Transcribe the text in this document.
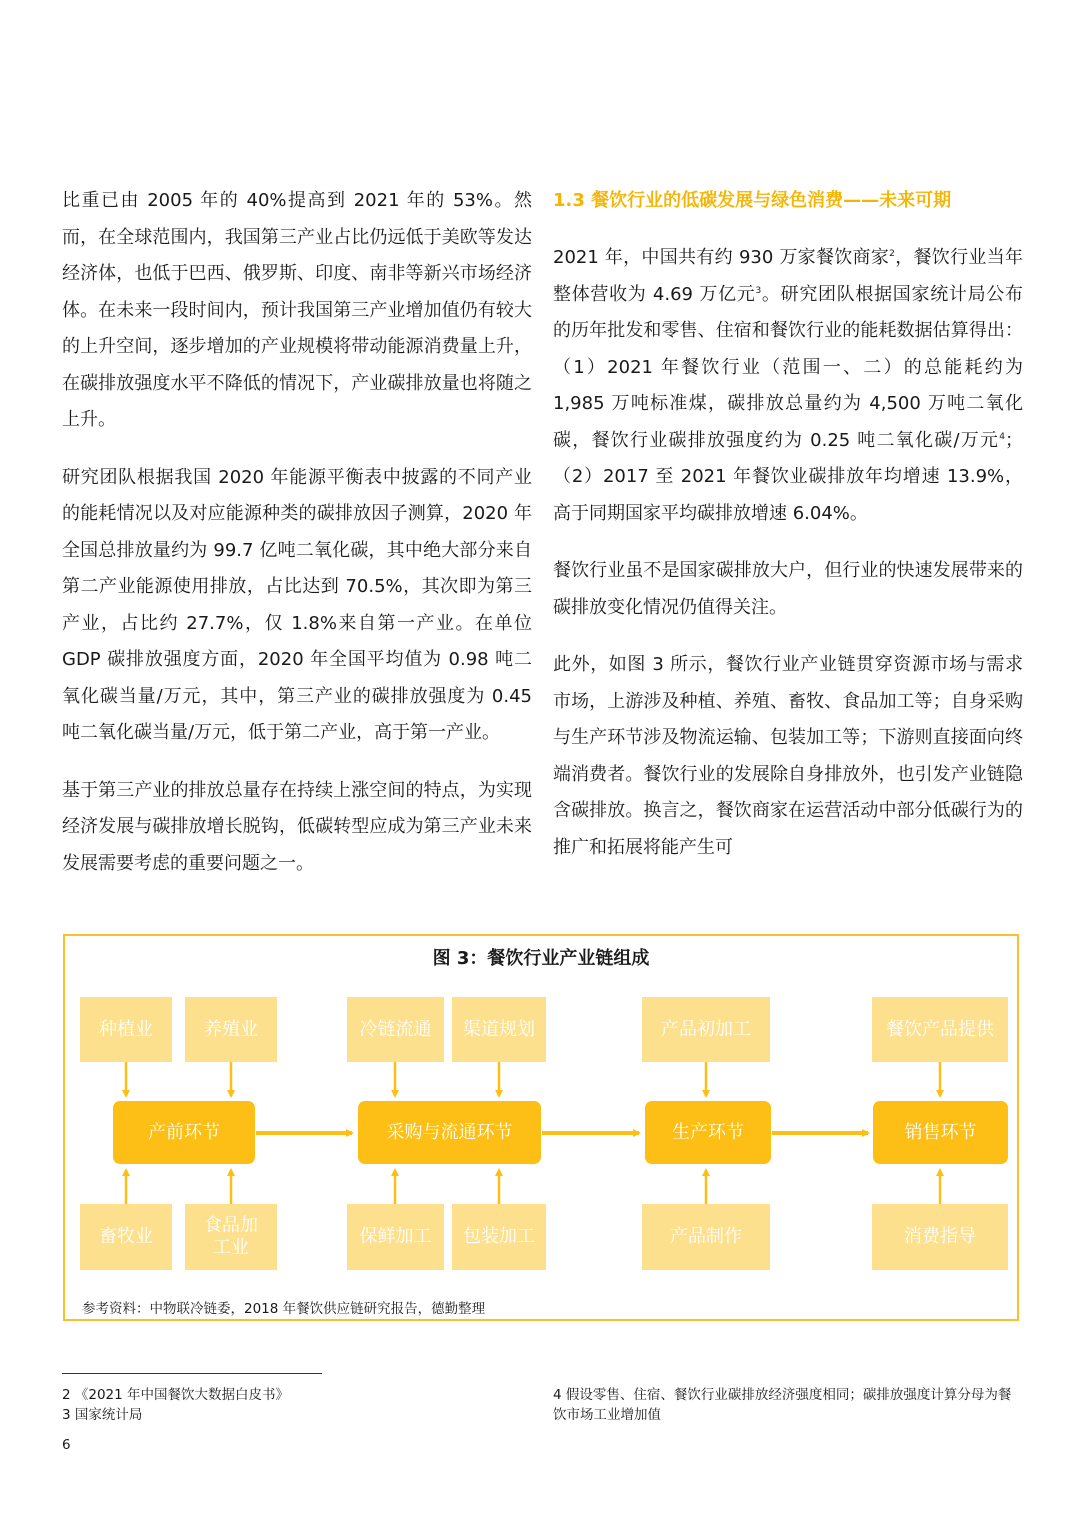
比重已由 2005 年的 40%提高到 2021 年的 53%。然而，在全球范围内，我国第三产业占比仍远低于美欧等发达经济体，也低于巴西、俄罗斯、印度、南非等新兴市场经济体。在未来一段时间内，预计我国第三产业增加值仍有较大的上升空间，逐步增加的产业规模将带动能源消费量上升，在碳排放强度水平不降低的情况下，产业碳排放量也将随之上升。

研究团队根据我国 2020 年能源平衡表中披露的不同产业的能耗情况以及对应能源种类的碳排放因子测算，2020 年全国总排放量约为 99.7 亿吨二氧化碳，其中绝大部分来自第二产业能源使用排放，占比达到 70.5%，其次即为第三产业，占比约 27.7%，仅 1.8%来自第一产业。在单位 GDP 碳排放强度方面，2020 年全国平均值为 0.98 吨二氧化碳当量/万元，其中，第三产业的碳排放强度为 0.45 吨二氧化碳当量/万元，低于第二产业，高于第一产业。

基于第三产业的排放总量存在持续上涨空间的特点，为实现经济发展与碳排放增长脱钩，低碳转型应成为第三产业未来发展需要考虑的重要问题之一。

1.3 餐饮行业的低碳发展与绿色消费——未来可期

2021 年，中国共有约 930 万家餐饮商家$^2$，餐饮行业当年整体营收为 4.69 万亿元$^3$。研究团队根据国家统计局公布的历年批发和零售、住宿和餐饮行业的能耗数据估算得出：（1）2021 年餐饮行业（范围一、二）的总能耗约为 1,985 万吨标准煤，碳排放总量约为 4,500 万吨二氧化碳，餐饮行业碳排放强度约为 0.25 吨二氧化碳/万元$^4$；（2）2017 至 2021 年餐饮业碳排放年均增速 13.9%，高于同期国家平均碳排放增速 6.04%。

餐饮行业虽不是国家碳排放大户，但行业的快速发展带来的碳排放变化情况仍值得关注。

此外，如图 3 所示，餐饮行业产业链贯穿资源市场与需求市场，上游涉及种植、养殖、畜牧、食品加工等；自身采购与生产环节涉及物流运输、包装加工等；下游则直接面向终端消费者。餐饮行业的发展除自身排放外，也引发产业链隐含碳排放。换言之，餐饮商家在运营活动中部分低碳行为的推广和拓展将能产生可

图 3：餐饮行业产业链组成
种植业	养殖业	冷链流通	渠道规划	产品初加工	餐饮产品提供
产前环节	采购与流通环节	生产环节	销售环节
畜牧业
食品加
工业
保鲜加工	包装加工	产品制作	消费指导
参考资料：中物联冷链委，2018 年餐饮供应链研究报告，德勤整理

2 《2021 年中国餐饮大数据白皮书》

3 国家统计局

4 假设零售、住宿、餐饮行业碳排放经济强度相同；碳排放强度计算分母为餐饮市场工业增加值

6
